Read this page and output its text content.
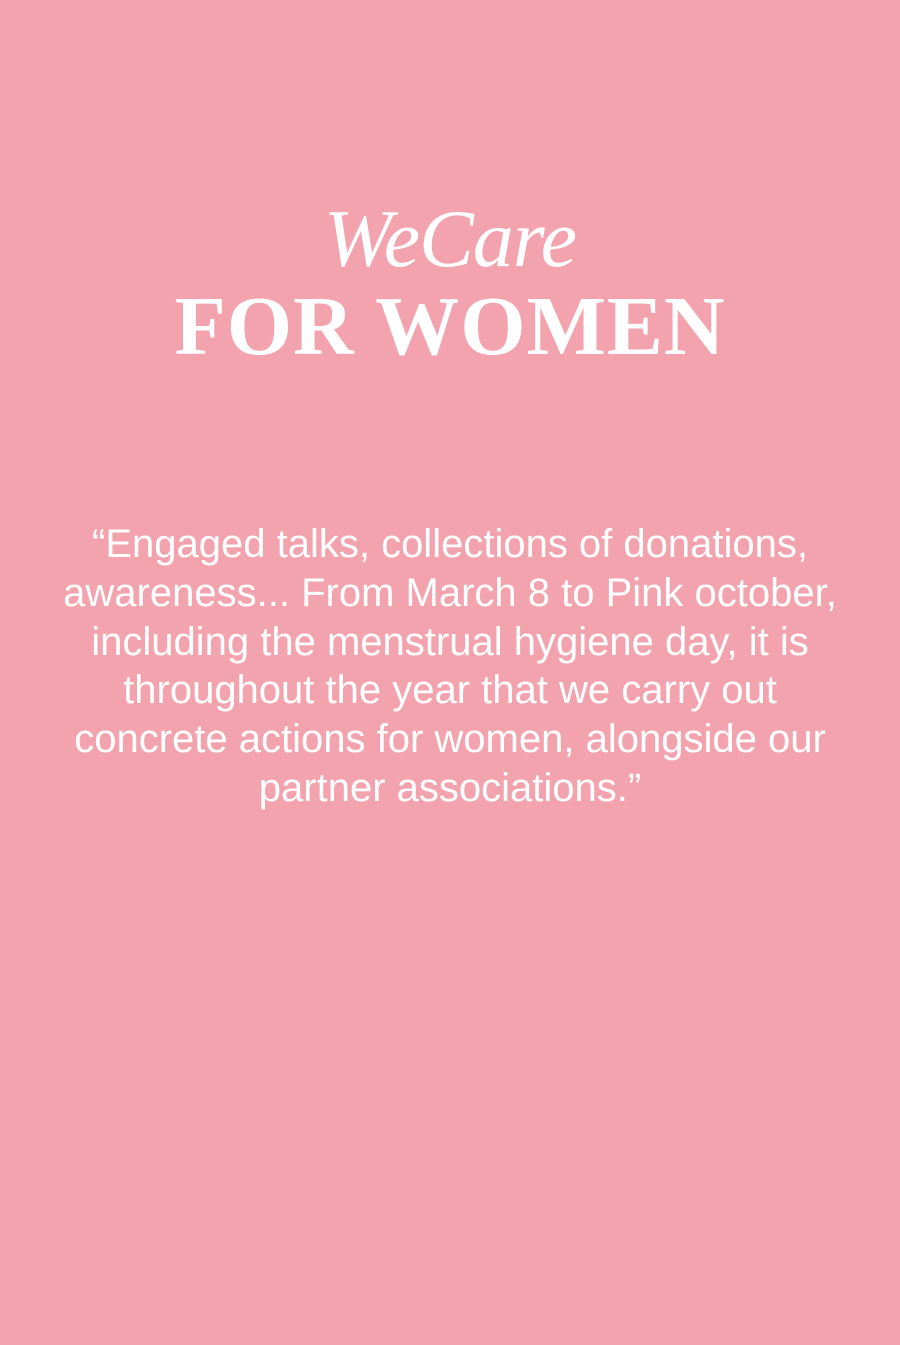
WeCare
FOR WOMEN

“Engaged talks, collections of donations, awareness... From March 8 to Pink october, including the menstrual hygiene day, it is throughout the year that we carry out concrete actions for women, alongside our partner associations.”
